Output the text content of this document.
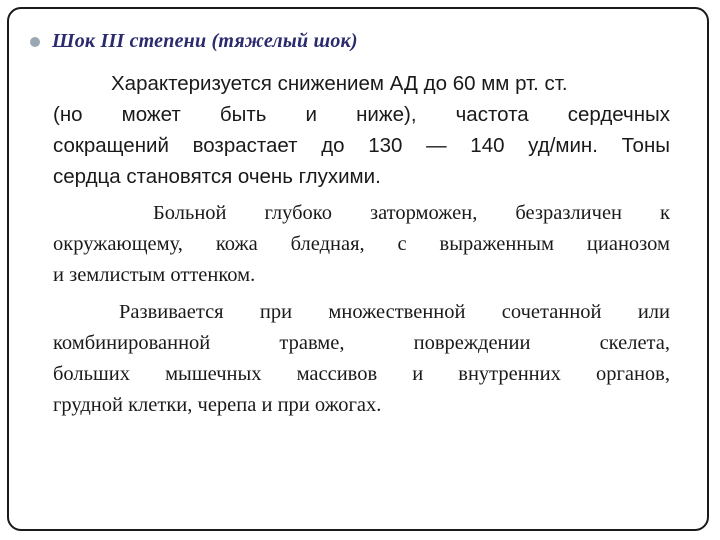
Шок III степени (тяжелый шок)

Характеризуется снижением АД до 60 мм рт. ст.
(но может быть и ниже), частота сердечных
сокращений возрастает до 130 — 140 уд/мин. Тоны
сердца становятся очень глухими.

Больной глубоко заторможен, безразличен к
окружающему, кожа бледная, с выраженным цианозом
и землистым оттенком.

Развивается при множественной сочетанной или
комбинированной травме, повреждении скелета,
больших мышечных массивов и внутренних органов,
грудной клетки, черепа и при ожогах.
